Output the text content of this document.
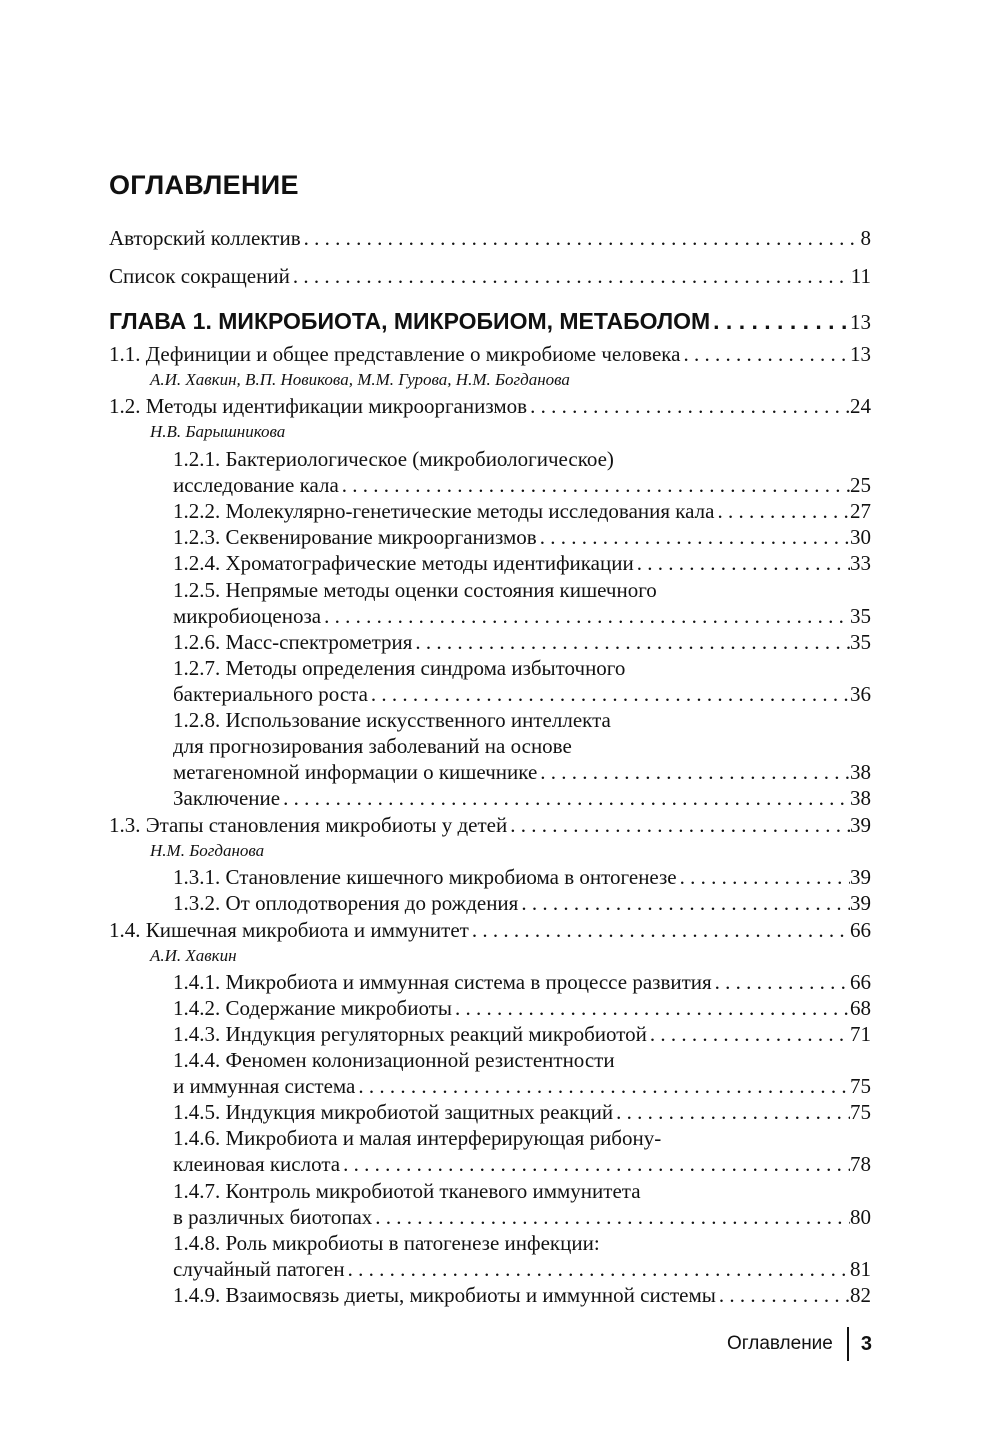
ОГЛАВЛЕНИЕ
Авторский коллектив . . .	8
Список сокращений . . .	11
ГЛАВА 1. МИКРОБИОТА, МИКРОБИОМ, МЕТАБОЛОМ . . .	13
1.1. Дефиниции и общее представление о микробиоме человека . . .	13
А.И. Хавкин, В.П. Новикова, М.М. Гурова, Н.М. Богданова
1.2. Методы идентификации микроорганизмов . . .	24
Н.В. Барышникова
1.2.1. Бактериологическое (микробиологическое)
исследование кала . . .	25
1.2.2. Молекулярно-генетические методы исследования кала . . .	27
1.2.3. Секвенирование микроорганизмов . . .	30
1.2.4. Хроматографические методы идентификации . . .	33
1.2.5. Непрямые методы оценки состояния кишечного
микробиоценоза . . .	35
1.2.6. Масс-спектрометрия . . .	35
1.2.7. Методы определения синдрома избыточного
бактериального роста . . .	36
1.2.8. Использование искусственного интеллекта
для прогнозирования заболеваний на основе
метагеномной информации о кишечнике . . .	38
Заключение . . .	38
1.3. Этапы становления микробиоты у детей . . .	39
Н.М. Богданова
1.3.1. Становление кишечного микробиома в онтогенезе . . .	39
1.3.2. От оплодотворения до рождения . . .	39
1.4. Кишечная микробиота и иммунитет . . .	66
А.И. Хавкин
1.4.1. Микробиота и иммунная система в процессе развития . . .	66
1.4.2. Содержание микробиоты . . .	68
1.4.3. Индукция регуляторных реакций микробиотой . . .	71
1.4.4. Феномен колонизационной резистентности
и иммунная система . . .	75
1.4.5. Индукция микробиотой защитных реакций . . .	75
1.4.6. Микробиота и малая интерферирующая рибону-
клеиновая кислота . . .	78
1.4.7. Контроль микробиотой тканевого иммунитета
в различных биотопах . . .	80
1.4.8. Роль микробиоты в патогенезе инфекции:
случайный патоген . . .	81
1.4.9. Взаимосвязь диеты, микробиоты и иммунной системы . . .	82
Оглавление 3
